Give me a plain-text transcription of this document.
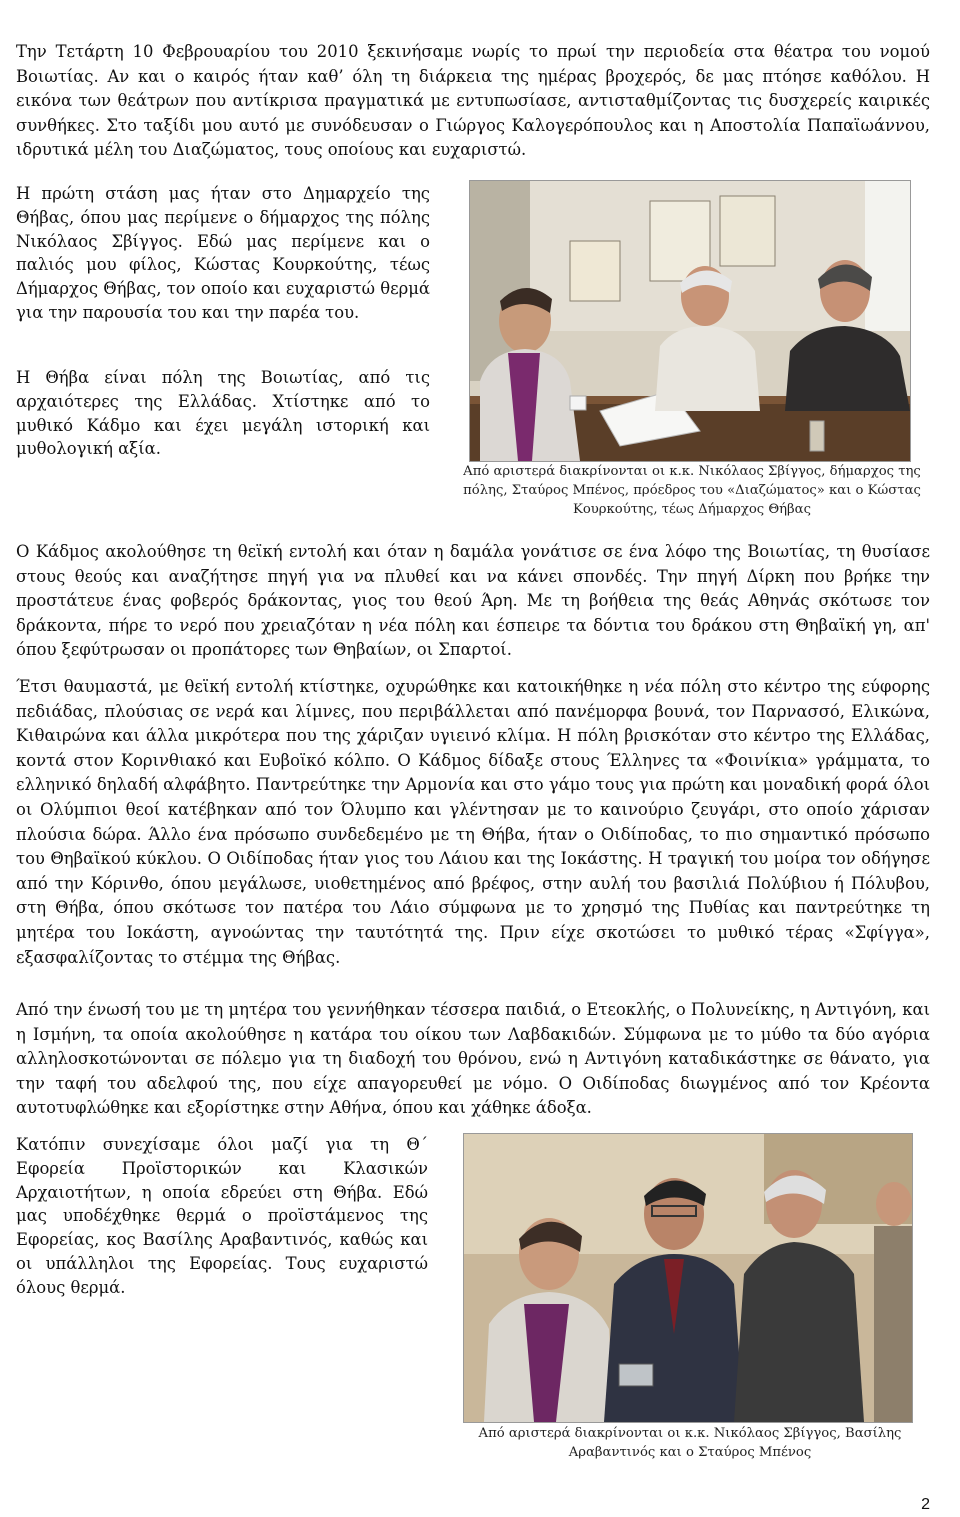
Την Τετάρτη 10 Φεβρουαρίου του 2010 ξεκινήσαμε νωρίς το πρωί την περιοδεία στα θέατρα του νομού Βοιωτίας. Αν και ο καιρός ήταν καθ’ όλη τη διάρκεια της ημέρας βροχερός, δε μας πτόησε καθόλου. Η εικόνα των θεάτρων που αντίκρισα πραγματικά με εντυπωσίασε, αντισταθμίζοντας τις δυσχερείς καιρικές συνθήκες. Στο ταξίδι μου αυτό με συνόδευσαν ο Γιώργος Καλογερόπουλος και η Αποστολία Παπαϊωάννου, ιδρυτικά μέλη του Διαζώματος, τους οποίους και ευχαριστώ.

Η πρώτη στάση μας ήταν στο Δημαρχείο της Θήβας, όπου μας περίμενε ο δήμαρχος της πόλης Νικόλαος Σβίγγος. Εδώ μας περίμενε και ο παλιός μου φίλος, Κώστας Κουρκούτης, τέως Δήμαρχος Θήβας, τον οποίο και ευχαριστώ θερμά για την παρουσία του και την παρέα του.

Η Θήβα είναι πόλη της Βοιωτίας, από τις αρχαιότερες της Ελλάδας. Χτίστηκε από το μυθικό Κάδμο και έχει μεγάλη ιστορική και μυθολογική αξία.

Από αριστερά διακρίνονται οι κ.κ. Νικόλαος Σβίγγος, δήμαρχος της πόλης, Σταύρος Μπένος, πρόεδρος του «Διαζώματος» και ο Κώστας Κουρκούτης, τέως Δήμαρχος Θήβας

Ο Κάδμος ακολούθησε τη θεϊκή εντολή και όταν η δαμάλα γονάτισε σε ένα λόφο της Βοιωτίας, τη θυσίασε στους θεούς και αναζήτησε πηγή για να πλυθεί και να κάνει σπονδές. Την πηγή Δίρκη που βρήκε την προστάτευε ένας φοβερός δράκοντας, γιος του θεού Άρη. Με τη βοήθεια της θεάς Αθηνάς σκότωσε τον δράκοντα, πήρε το νερό που χρειαζόταν η νέα πόλη και έσπειρε τα δόντια του δράκου στη Θηβαϊκή γη, απ' όπου ξεφύτρωσαν οι προπάτορες των Θηβαίων, οι Σπαρτοί.

Έτσι θαυμαστά, με θεϊκή εντολή κτίστηκε, οχυρώθηκε και κατοικήθηκε η νέα πόλη στο κέντρο της εύφορης πεδιάδας, πλούσιας σε νερά και λίμνες, που περιβάλλεται από πανέμορφα βουνά, τον Παρνασσό, Ελικώνα, Κιθαιρώνα και άλλα μικρότερα που της χάριζαν υγιεινό κλίμα. Η πόλη βρισκόταν στο κέντρο της Ελλάδας, κοντά στον Κορινθιακό και Ευβοϊκό κόλπο. Ο Κάδμος δίδαξε στους Έλληνες τα «Φοινίκια» γράμματα, το ελληνικό δηλαδή αλφάβητο. Παντρεύτηκε την Αρμονία και στο γάμο τους για πρώτη και μοναδική φορά όλοι οι Ολύμπιοι θεοί κατέβηκαν από τον Όλυμπο και γλέντησαν με το καινούριο ζευγάρι, στο οποίο χάρισαν πλούσια δώρα. Άλλο ένα πρόσωπο συνδεδεμένο με τη Θήβα, ήταν ο Οιδίποδας, το πιο σημαντικό πρόσωπο του Θηβαϊκού κύκλου. Ο Οιδίποδας ήταν γιος του Λάιου και της Ιοκάστης. Η τραγική του μοίρα τον οδήγησε από την Κόρινθο, όπου μεγάλωσε, υιοθετημένος από βρέφος, στην αυλή του βασιλιά Πολύβιου ή Πόλυβου, στη Θήβα, όπου σκότωσε τον πατέρα του Λάιο σύμφωνα με το χρησμό της Πυθίας και παντρεύτηκε τη μητέρα του Ιοκάστη, αγνοώντας την ταυτότητά της. Πριν είχε σκοτώσει το μυθικό τέρας «Σφίγγα», εξασφαλίζοντας το στέμμα της Θήβας.

Από την ένωσή του με τη μητέρα του γεννήθηκαν τέσσερα παιδιά, ο Ετεοκλής, ο Πολυνείκης, η Αντιγόνη, και η Ισμήνη, τα οποία ακολούθησε η κατάρα του οίκου των Λαβδακιδών. Σύμφωνα με το μύθο τα δύο αγόρια αλληλοσκοτώνονται σε πόλεμο για τη διαδοχή του θρόνου, ενώ η Αντιγόνη καταδικάστηκε σε θάνατο, για την ταφή του αδελφού της, που είχε απαγορευθεί με νόμο. Ο Οιδίποδας διωγμένος από τον Κρέοντα αυτοτυφλώθηκε και εξορίστηκε στην Αθήνα, όπου και χάθηκε άδοξα.

Κατόπιν συνεχίσαμε όλοι μαζί για τη Θ΄ Εφορεία Προϊστορικών και Κλασικών Αρχαιοτήτων, η οποία εδρεύει στη Θήβα. Εδώ μας υποδέχθηκε θερμά ο προϊστάμενος της Εφορείας, κος Βασίλης Αραβαντινός, καθώς και οι υπάλληλοι της Εφορείας. Τους ευχαριστώ όλους θερμά.

Από αριστερά διακρίνονται οι κ.κ. Νικόλαος Σβίγγος, Βασίλης Αραβαντινός και ο Σταύρος Μπένος

2
